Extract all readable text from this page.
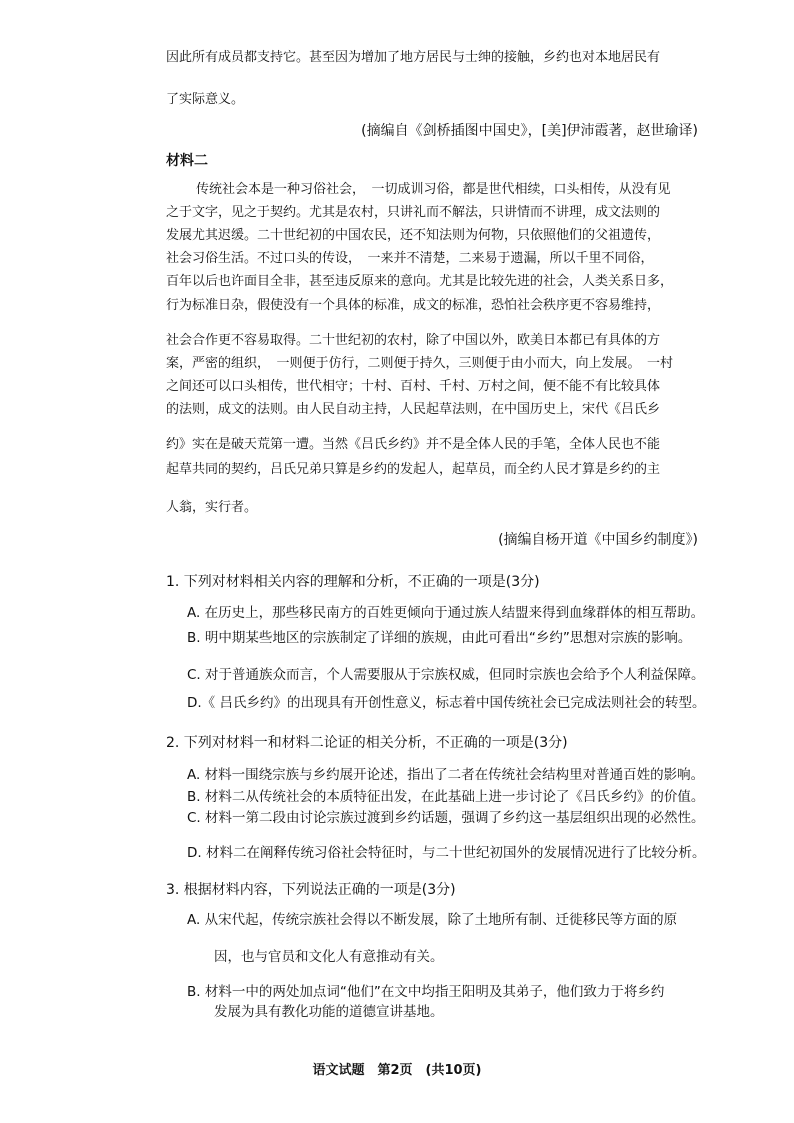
因此所有成员都支持它。甚至因为增加了地方居民与士绅的接触，乡约也对本地居民有
了实际意义。
(摘编自《剑桥插图中国史》，[美]伊沛霞著，赵世瑜译)
材料二
传统社会本是一种习俗社会，　一切成训习俗，都是世代相续，口头相传，从没有见
之于文字，见之于契约。尤其是农村，只讲礼而不解法，只讲情而不讲理，成文法则的
发展尤其迟缓。二十世纪初的中国农民，还不知法则为何物，只依照他们的父祖遗传，
社会习俗生活。不过口头的传设，　一来并不清楚，二来易于遗漏，所以千里不同俗，
百年以后也许面目全非，甚至违反原来的意向。尤其是比较先进的社会，人类关系日多，
行为标准日杂，假使没有一个具体的标准，成文的标准，恐怕社会秩序更不容易维持，
社会合作更不容易取得。二十世纪初的农村，除了中国以外，欧美日本都已有具体的方
案，严密的组织，　一则便于仿行，二则便于持久，三则便于由小而大，向上发展。　一村
之间还可以口头相传，世代相守；十村、百村、千村、万村之间，便不能不有比较具体
的法则，成文的法则。由人民自动主持，人民起草法则，在中国历史上，宋代《吕氏乡
约》实在是破天荒第一遭。当然《吕氏乡约》并不是全体人民的手笔，全体人民也不能
起草共同的契约，吕氏兄弟只算是乡约的发起人，起草员，而全约人民才算是乡约的主
人翁，实行者。
(摘编自杨开道《中国乡约制度》)
1. 下列对材料相关内容的理解和分析，不正确的一项是(3分)
A. 在历史上，那些移民南方的百姓更倾向于通过族人结盟来得到血缘群体的相互帮助。
B. 明中期某些地区的宗族制定了详细的族规，由此可看出“乡约”思想对宗族的影响。
C. 对于普通族众而言，个人需要服从于宗族权威，但同时宗族也会给予个人利益保障。
D.《 吕氏乡约》的出现具有开创性意义，标志着中国传统社会已完成法则社会的转型。
2. 下列对材料一和材料二论证的相关分析，不正确的一项是(3分)
A. 材料一围绕宗族与乡约展开论述，指出了二者在传统社会结构里对普通百姓的影响。
B. 材料二从传统社会的本质特征出发，在此基础上进一步讨论了《吕氏乡约》的价值。
C. 材料一第二段由讨论宗族过渡到乡约话题，强调了乡约这一基层组织出现的必然性。
D. 材料二在阐释传统习俗社会特征时，与二十世纪初国外的发展情况进行了比较分析。
3. 根据材料内容，下列说法正确的一项是(3分)
A. 从宋代起，传统宗族社会得以不断发展，除了土地所有制、迁徙移民等方面的原
因，也与官员和文化人有意推动有关。
B. 材料一中的两处加点词“他们”在文中均指王阳明及其弟子，他们致力于将乡约
发展为具有教化功能的道德宣讲基地。
语文试题　第2页　(共10页)
